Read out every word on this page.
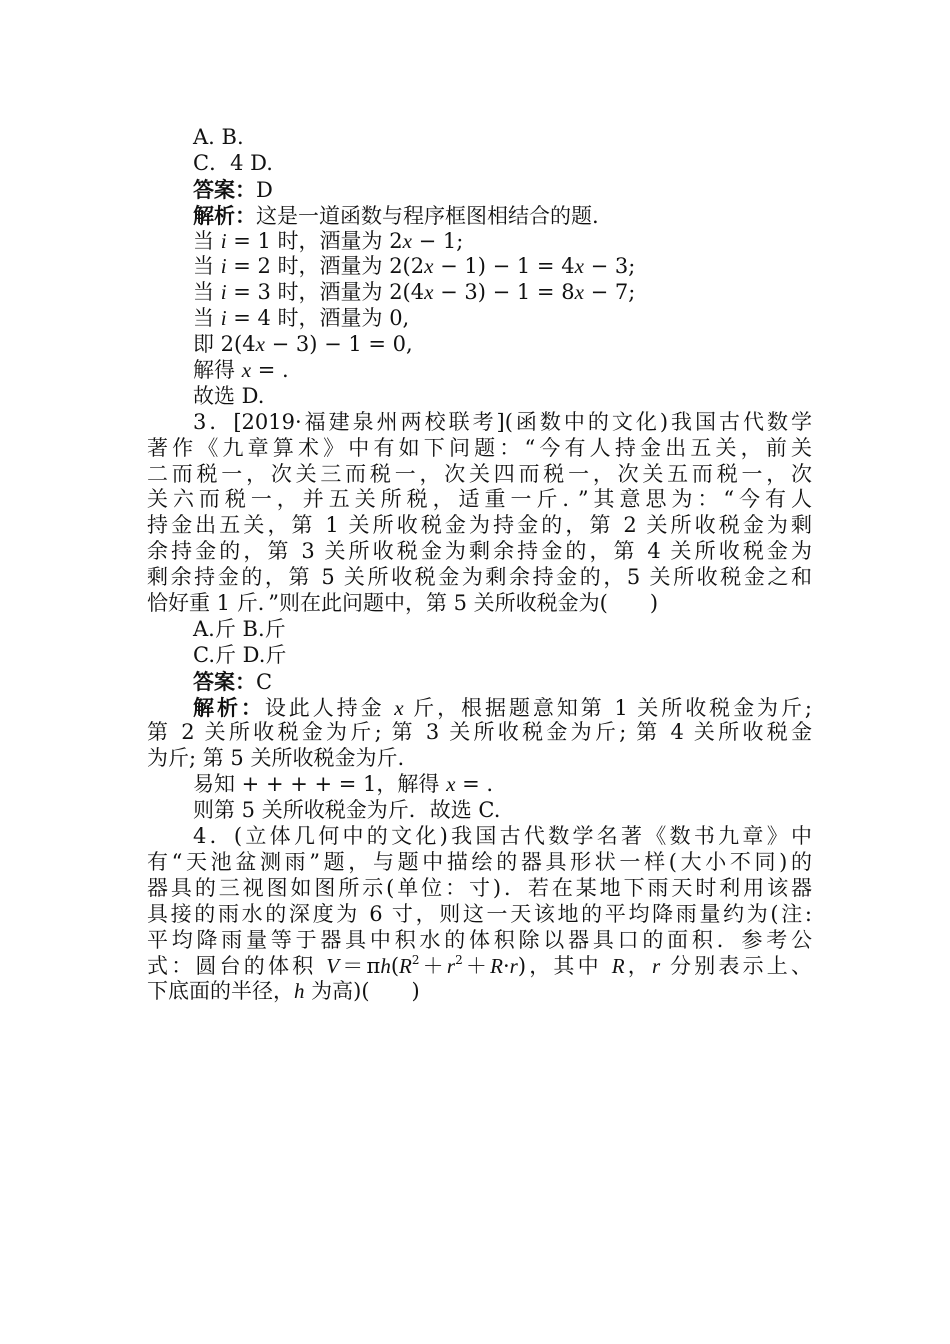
A. B.
C．4 D.
答案：D
解析：这是一道函数与程序框图相结合的题.
当 i = 1 时，酒量为 2x − 1;
当 i = 2 时，酒量为 2(2x − 1) − 1 = 4x − 3;
当 i = 3 时，酒量为 2(4x − 3) − 1 = 8x − 7;
当 i = 4 时，酒量为 0,
即 2(4x − 3) − 1 = 0,
解得 x = .
故选 D.
3．[2019·福建泉州两校联考](函数中的文化)我国古代数学
著作《九章算术》中有如下问题：“今有人持金出五关，前关
二而税一，次关三而税一，次关四而税一，次关五而税一，次
关六而税一，并五关所税，适重一斤．”其意思为：“今有人
持金出五关，第 1 关所收税金为持金的，第 2 关所收税金为剩
余持金的，第 3 关所收税金为剩余持金的，第 4 关所收税金为
剩余持金的，第 5 关所收税金为剩余持金的，5 关所收税金之和
恰好重 1 斤．”则在此问题中，第 5 关所收税金为(　　)
A.斤 B.斤
C.斤 D.斤
答案：C
解析：设此人持金 x 斤，根据题意知第 1 关所收税金为斤;
第 2 关所收税金为斤; 第 3 关所收税金为斤; 第 4 关所收税金
为斤; 第 5 关所收税金为斤.
易知 + + + + = 1，解得 x = .
则第 5 关所收税金为斤．故选 C.
4．(立体几何中的文化)我国古代数学名著《数书九章》中
有“天池盆测雨”题，与题中描绘的器具形状一样(大小不同)的
器具的三视图如图所示(单位：寸)．若在某地下雨天时利用该器
具接的雨水的深度为 6 寸，则这一天该地的平均降雨量约为(注:
平均降雨量等于器具中积水的体积除以器具口的面积．参考公
式：圆台的体积 $V=\pi h(R^2+r^2+R\cdot r)$，其中 R，r 分别表示上、
下底面的半径，h 为高)(　　)
